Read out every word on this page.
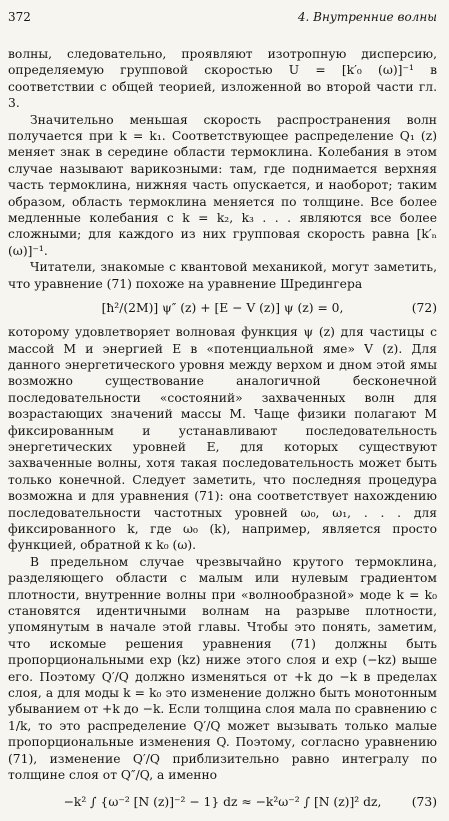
372	4. Внутренние волны

волны, следовательно, проявляют изотропную дисперсию, определяемую групповой скоростью U = [k′₀ (ω)]⁻¹ в соответствии с общей теорией, изложенной во второй части гл. 3.

Значительно меньшая скорость распространения волн получается при k = k₁. Соответствующее распределение Q₁ (z) меняет знак в середине области термоклина. Колебания в этом случае называют варикозными: там, где поднимается верхняя часть термоклина, нижняя часть опускается, и наоборот; таким образом, область термоклина меняется по толщине. Все более медленные колебания с k = k₂, k₃ . . . являются все более сложными; для каждого из них групповая скорость равна [k′ₙ (ω)]⁻¹.

Читатели, знакомые с квантовой механикой, могут заметить, что уравнение (71) похоже на уравнение Шредингера

[ħ²/(2M)] ψ″ (z) + [E − V (z)] ψ (z) = 0,	(72)

которому удовлетворяет волновая функция ψ (z) для частицы с массой M и энергией E в «потенциальной яме» V (z). Для данного энергетического уровня между верхом и дном этой ямы возможно существование аналогичной бесконечной последовательности «состояний» захваченных волн для возрастающих значений массы M. Чаще физики полагают M фиксированным и устанавливают последовательность энергетических уровней E, для которых существуют захваченные волны, хотя такая последовательность может быть только конечной. Следует заметить, что последняя процедура возможна и для уравнения (71): она соответствует нахождению последовательности частотных уровней ω₀, ω₁, . . . для фиксированного k, где ω₀ (k), например, является просто функцией, обратной к k₀ (ω).

В предельном случае чрезвычайно крутого термоклина, разделяющего области с малым или нулевым градиентом плотности, внутренние волны при «волнообразной» моде k = k₀ становятся идентичными волнам на разрыве плотности, упомянутым в начале этой главы. Чтобы это понять, заметим, что искомые решения уравнения (71) должны быть пропорциональными exp (kz) ниже этого слоя и exp (−kz) выше его. Поэтому Q′/Q должно изменяться от +k до −k в пределах слоя, а для моды k = k₀ это изменение должно быть монотонным убыванием от +k до −k. Если толщина слоя мала по сравнению с 1/k, то это распределение Q′/Q может вызывать только малые пропорциональные изменения Q. Поэтому, согласно уравнению (71), изменение Q′/Q приблизительно равно интегралу по толщине слоя от Q″/Q, а именно

−k² ∫ {ω⁻² [N (z)]⁻² − 1} dz ≈ −k²ω⁻² ∫ [N (z)]² dz, (73)
